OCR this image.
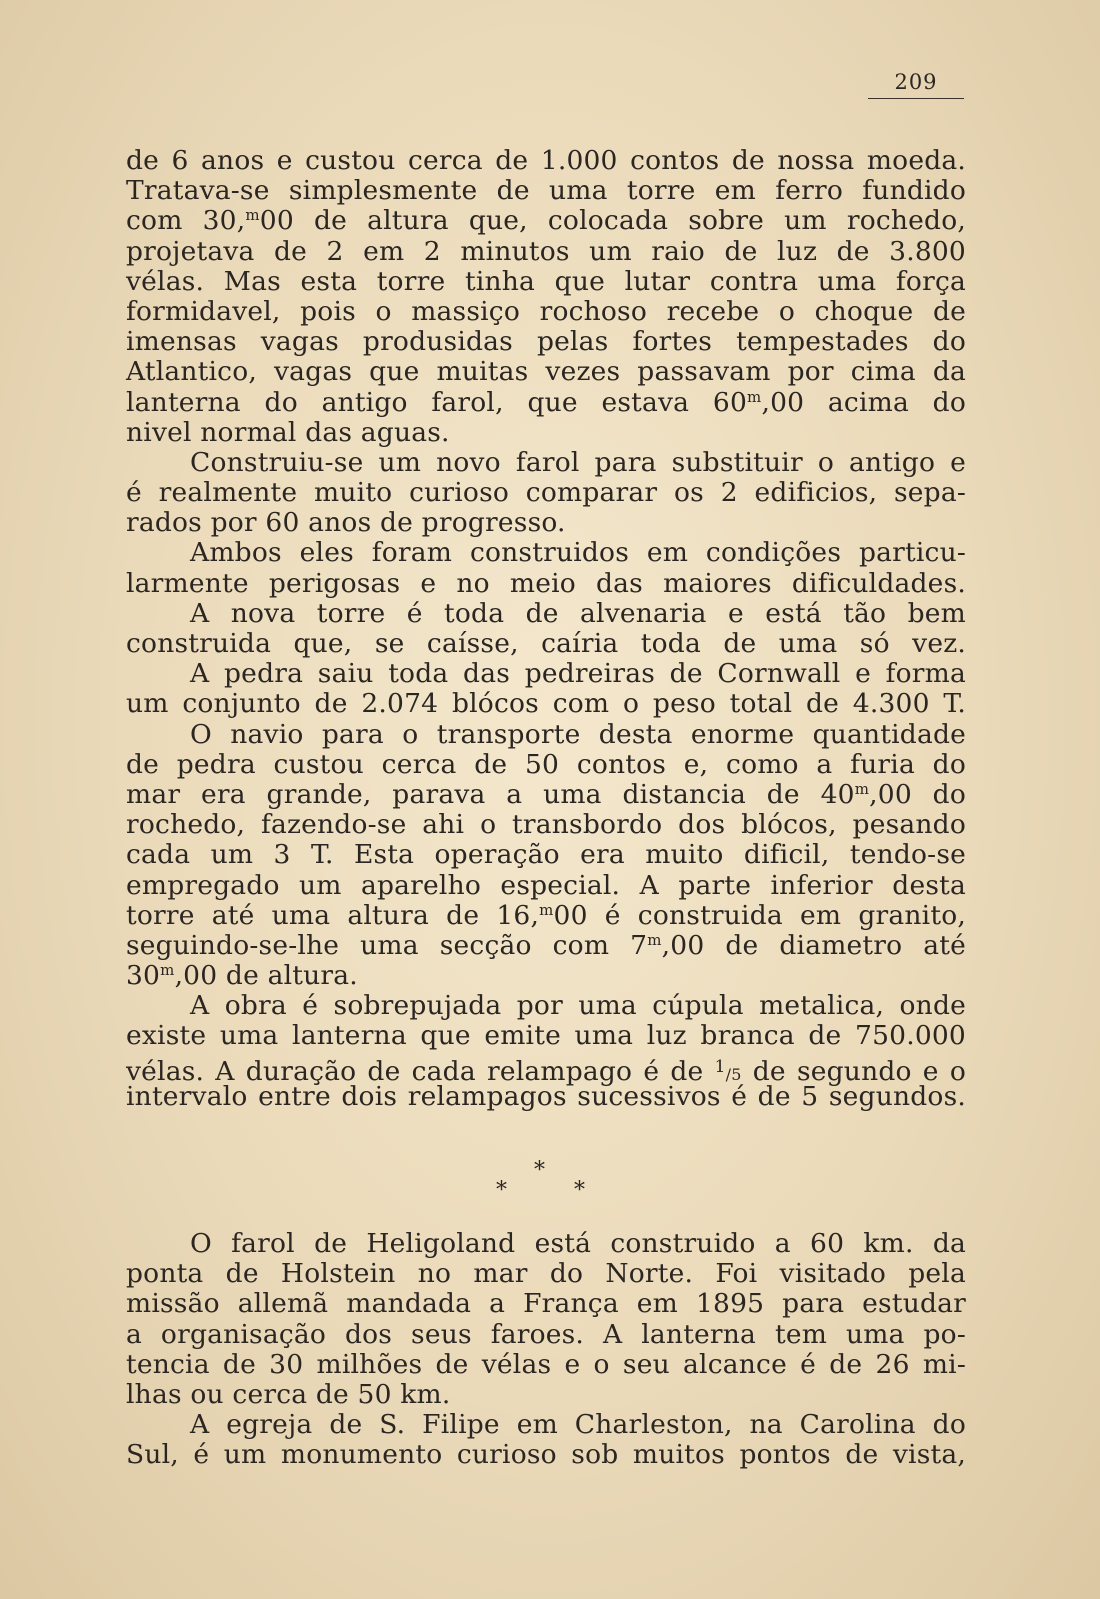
209
de 6 anos e custou cerca de 1.000 contos de nossa moeda.
Tratava-se simplesmente de uma torre em ferro fundido
com 30,$^m$00 de altura que, colocada sobre um rochedo,
projetava de 2 em 2 minutos um raio de luz de 3.800
vélas. Mas esta torre tinha que lutar contra uma força
formidavel, pois o massiço rochoso recebe o choque de
imensas vagas produsidas pelas fortes tempestades do
Atlantico, vagas que muitas vezes passavam por cima da
lanterna do antigo farol, que estava 60$^m$,00 acima do
nivel normal das aguas.
Construiu-se um novo farol para substituir o antigo e
é realmente muito curioso comparar os 2 edificios, sepa-
rados por 60 anos de progresso.
Ambos eles foram construidos em condições particu-
larmente perigosas e no meio das maiores dificuldades.
A nova torre é toda de alvenaria e está tão bem
construida que, se caísse, caíria toda de uma só vez.
A pedra saiu toda das pedreiras de Cornwall e forma
um conjunto de 2.074 blócos com o peso total de 4.300 T.
O navio para o transporte desta enorme quantidade
de pedra custou cerca de 50 contos e, como a furia do
mar era grande, parava a uma distancia de 40$^m$,00 do
rochedo, fazendo-se ahi o transbordo dos blócos, pesando
cada um 3 T. Esta operação era muito dificil, tendo-se
empregado um aparelho especial. A parte inferior desta
torre até uma altura de 16,$^m$00 é construida em granito,
seguindo-se-lhe uma secção com 7$^m$,00 de diametro até
30$^m$,00 de altura.
A obra é sobrepujada por uma cúpula metalica, onde
existe uma lanterna que emite uma luz branca de 750.000
vélas. A duração de cada relampago é de $^1$/5 de segundo e o
intervalo entre dois relampagos sucessivos é de 5 segundos.
*
*	*
O farol de Heligoland está construido a 60 km. da
ponta de Holstein no mar do Norte. Foi visitado pela
missão allemã mandada a França em 1895 para estudar
a organisação dos seus faroes. A lanterna tem uma po-
tencia de 30 milhões de vélas e o seu alcance é de 26 mi-
lhas ou cerca de 50 km.
A egreja de S. Filipe em Charleston, na Carolina do
Sul, é um monumento curioso sob muitos pontos de vista,
